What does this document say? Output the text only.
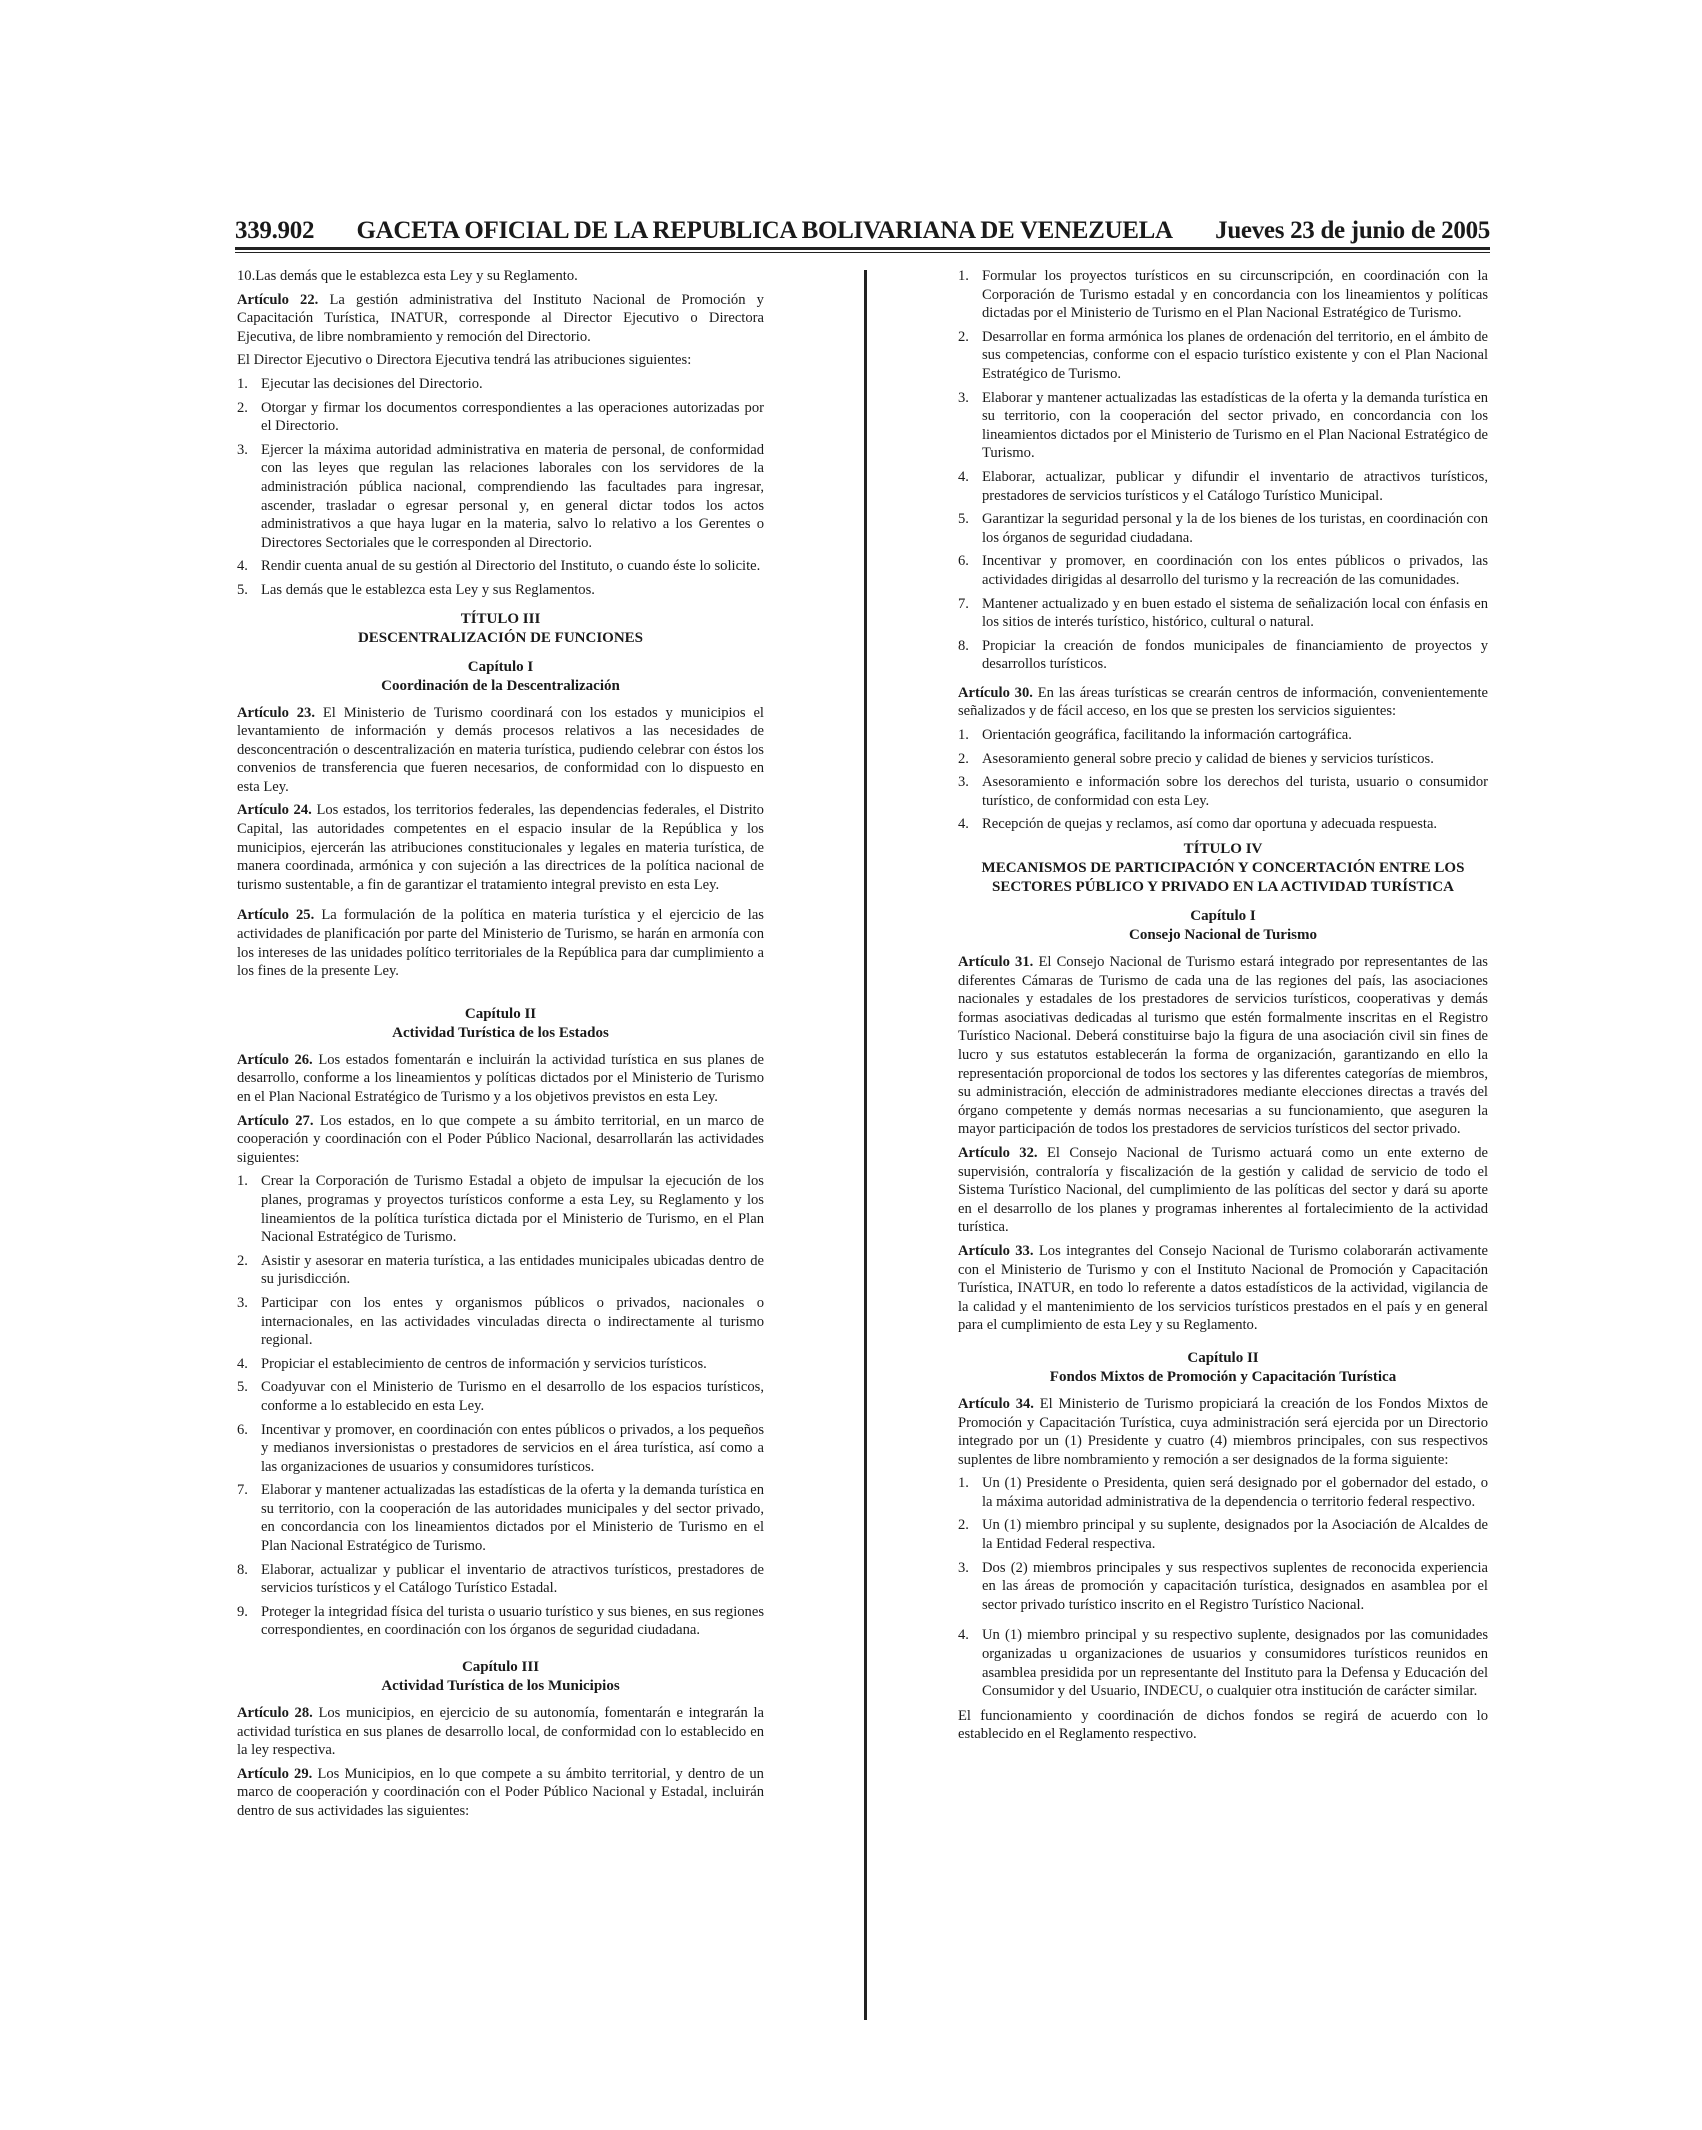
339.902 GACETA OFICIAL DE LA REPUBLICA BOLIVARIANA DE VENEZUELA Jueves 23 de junio de 2005

10.Las demás que le establezca esta Ley y su Reglamento.

Artículo 22. La gestión administrativa del Instituto Nacional de Promoción y Capacitación Turística, INATUR, corresponde al Director Ejecutivo o Directora Ejecutiva, de libre nombramiento y remoción del Directorio.

El Director Ejecutivo o Directora Ejecutiva tendrá las atribuciones siguientes:

1. Ejecutar las decisiones del Directorio.
2. Otorgar y firmar los documentos correspondientes a las operaciones autorizadas por el Directorio.
3. Ejercer la máxima autoridad administrativa en materia de personal, de conformidad con las leyes que regulan las relaciones laborales con los servidores de la administración pública nacional, comprendiendo las facultades para ingresar, ascender, trasladar o egresar personal y, en general dictar todos los actos administrativos a que haya lugar en la materia, salvo lo relativo a los Gerentes o Directores Sectoriales que le corresponden al Directorio.
4. Rendir cuenta anual de su gestión al Directorio del Instituto, o cuando éste lo solicite.
5. Las demás que le establezca esta Ley y sus Reglamentos.
TÍTULO III
DESCENTRALIZACIÓN DE FUNCIONES
Capítulo I
Coordinación de la Descentralización

Artículo 23. El Ministerio de Turismo coordinará con los estados y municipios el levantamiento de información y demás procesos relativos a las necesidades de desconcentración o descentralización en materia turística, pudiendo celebrar con éstos los convenios de transferencia que fueren necesarios, de conformidad con lo dispuesto en esta Ley.

Artículo 24. Los estados, los territorios federales, las dependencias federales, el Distrito Capital, las autoridades competentes en el espacio insular de la República y los municipios, ejercerán las atribuciones constitucionales y legales en materia turística, de manera coordinada, armónica y con sujeción a las directrices de la política nacional de turismo sustentable, a fin de garantizar el tratamiento integral previsto en esta Ley.

Artículo 25. La formulación de la política en materia turística y el ejercicio de las actividades de planificación por parte del Ministerio de Turismo, se harán en armonía con los intereses de las unidades político territoriales de la República para dar cumplimiento a los fines de la presente Ley.

Capítulo II
Actividad Turística de los Estados

Artículo 26. Los estados fomentarán e incluirán la actividad turística en sus planes de desarrollo, conforme a los lineamientos y políticas dictados por el Ministerio de Turismo en el Plan Nacional Estratégico de Turismo y a los objetivos previstos en esta Ley.

Artículo 27. Los estados, en lo que compete a su ámbito territorial, en un marco de cooperación y coordinación con el Poder Público Nacional, desarrollarán las actividades siguientes:

1. Crear la Corporación de Turismo Estadal a objeto de impulsar la ejecución de los planes, programas y proyectos turísticos conforme a esta Ley, su Reglamento y los lineamientos de la política turística dictada por el Ministerio de Turismo, en el Plan Nacional Estratégico de Turismo.
2. Asistir y asesorar en materia turística, a las entidades municipales ubicadas dentro de su jurisdicción.
3. Participar con los entes y organismos públicos o privados, nacionales o internacionales, en las actividades vinculadas directa o indirectamente al turismo regional.
4. Propiciar el establecimiento de centros de información y servicios turísticos.
5. Coadyuvar con el Ministerio de Turismo en el desarrollo de los espacios turísticos, conforme a lo establecido en esta Ley.
6. Incentivar y promover, en coordinación con entes públicos o privados, a los pequeños y medianos inversionistas o prestadores de servicios en el área turística, así como a las organizaciones de usuarios y consumidores turísticos.
7. Elaborar y mantener actualizadas las estadísticas de la oferta y la demanda turística en su territorio, con la cooperación de las autoridades municipales y del sector privado, en concordancia con los lineamientos dictados por el Ministerio de Turismo en el Plan Nacional Estratégico de Turismo.
8. Elaborar, actualizar y publicar el inventario de atractivos turísticos, prestadores de servicios turísticos y el Catálogo Turístico Estadal.
9. Proteger la integridad física del turista o usuario turístico y sus bienes, en sus regiones correspondientes, en coordinación con los órganos de seguridad ciudadana.
Capítulo III
Actividad Turística de los Municipios

Artículo 28. Los municipios, en ejercicio de su autonomía, fomentarán e integrarán la actividad turística en sus planes de desarrollo local, de conformidad con lo establecido en la ley respectiva.

Artículo 29. Los Municipios, en lo que compete a su ámbito territorial, y dentro de un marco de cooperación y coordinación con el Poder Público Nacional y Estadal, incluirán dentro de sus actividades las siguientes:

1. Formular los proyectos turísticos en su circunscripción, en coordinación con la Corporación de Turismo estadal y en concordancia con los lineamientos y políticas dictadas por el Ministerio de Turismo en el Plan Nacional Estratégico de Turismo.
2. Desarrollar en forma armónica los planes de ordenación del territorio, en el ámbito de sus competencias, conforme con el espacio turístico existente y con el Plan Nacional Estratégico de Turismo.
3. Elaborar y mantener actualizadas las estadísticas de la oferta y la demanda turística en su territorio, con la cooperación del sector privado, en concordancia con los lineamientos dictados por el Ministerio de Turismo en el Plan Nacional Estratégico de Turismo.
4. Elaborar, actualizar, publicar y difundir el inventario de atractivos turísticos, prestadores de servicios turísticos y el Catálogo Turístico Municipal.
5. Garantizar la seguridad personal y la de los bienes de los turistas, en coordinación con los órganos de seguridad ciudadana.
6. Incentivar y promover, en coordinación con los entes públicos o privados, las actividades dirigidas al desarrollo del turismo y la recreación de las comunidades.
7. Mantener actualizado y en buen estado el sistema de señalización local con énfasis en los sitios de interés turístico, histórico, cultural o natural.
8. Propiciar la creación de fondos municipales de financiamiento de proyectos y desarrollos turísticos.

Artículo 30. En las áreas turísticas se crearán centros de información, convenientemente señalizados y de fácil acceso, en los que se presten los servicios siguientes:

1. Orientación geográfica, facilitando la información cartográfica.
2. Asesoramiento general sobre precio y calidad de bienes y servicios turísticos.
3. Asesoramiento e información sobre los derechos del turista, usuario o consumidor turístico, de conformidad con esta Ley.
4. Recepción de quejas y reclamos, así como dar oportuna y adecuada respuesta.
TÍTULO IV
MECANISMOS DE PARTICIPACIÓN Y CONCERTACIÓN ENTRE LOS SECTORES PÚBLICO Y PRIVADO EN LA ACTIVIDAD TURÍSTICA
Capítulo I
Consejo Nacional de Turismo

Artículo 31. El Consejo Nacional de Turismo estará integrado por representantes de las diferentes Cámaras de Turismo de cada una de las regiones del país, las asociaciones nacionales y estadales de los prestadores de servicios turísticos, cooperativas y demás formas asociativas dedicadas al turismo que estén formalmente inscritas en el Registro Turístico Nacional. Deberá constituirse bajo la figura de una asociación civil sin fines de lucro y sus estatutos establecerán la forma de organización, garantizando en ello la representación proporcional de todos los sectores y las diferentes categorías de miembros, su administración, elección de administradores mediante elecciones directas a través del órgano competente y demás normas necesarias a su funcionamiento, que aseguren la mayor participación de todos los prestadores de servicios turísticos del sector privado.

Artículo 32. El Consejo Nacional de Turismo actuará como un ente externo de supervisión, contraloría y fiscalización de la gestión y calidad de servicio de todo el Sistema Turístico Nacional, del cumplimiento de las políticas del sector y dará su aporte en el desarrollo de los planes y programas inherentes al fortalecimiento de la actividad turística.

Artículo 33. Los integrantes del Consejo Nacional de Turismo colaborarán activamente con el Ministerio de Turismo y con el Instituto Nacional de Promoción y Capacitación Turística, INATUR, en todo lo referente a datos estadísticos de la actividad, vigilancia de la calidad y el mantenimiento de los servicios turísticos prestados en el país y en general para el cumplimiento de esta Ley y su Reglamento.

Capítulo II
Fondos Mixtos de Promoción y Capacitación Turística

Artículo 34. El Ministerio de Turismo propiciará la creación de los Fondos Mixtos de Promoción y Capacitación Turística, cuya administración será ejercida por un Directorio integrado por un (1) Presidente y cuatro (4) miembros principales, con sus respectivos suplentes de libre nombramiento y remoción a ser designados de la forma siguiente:

1. Un (1) Presidente o Presidenta, quien será designado por el gobernador del estado, o la máxima autoridad administrativa de la dependencia o territorio federal respectivo.
2. Un (1) miembro principal y su suplente, designados por la Asociación de Alcaldes de la Entidad Federal respectiva.
3. Dos (2) miembros principales y sus respectivos suplentes de reconocida experiencia en las áreas de promoción y capacitación turística, designados en asamblea por el sector privado turístico inscrito en el Registro Turístico Nacional.
4. Un (1) miembro principal y su respectivo suplente, designados por las comunidades organizadas u organizaciones de usuarios y consumidores turísticos reunidos en asamblea presidida por un representante del Instituto para la Defensa y Educación del Consumidor y del Usuario, INDECU, o cualquier otra institución de carácter similar.

El funcionamiento y coordinación de dichos fondos se regirá de acuerdo con lo establecido en el Reglamento respectivo.
